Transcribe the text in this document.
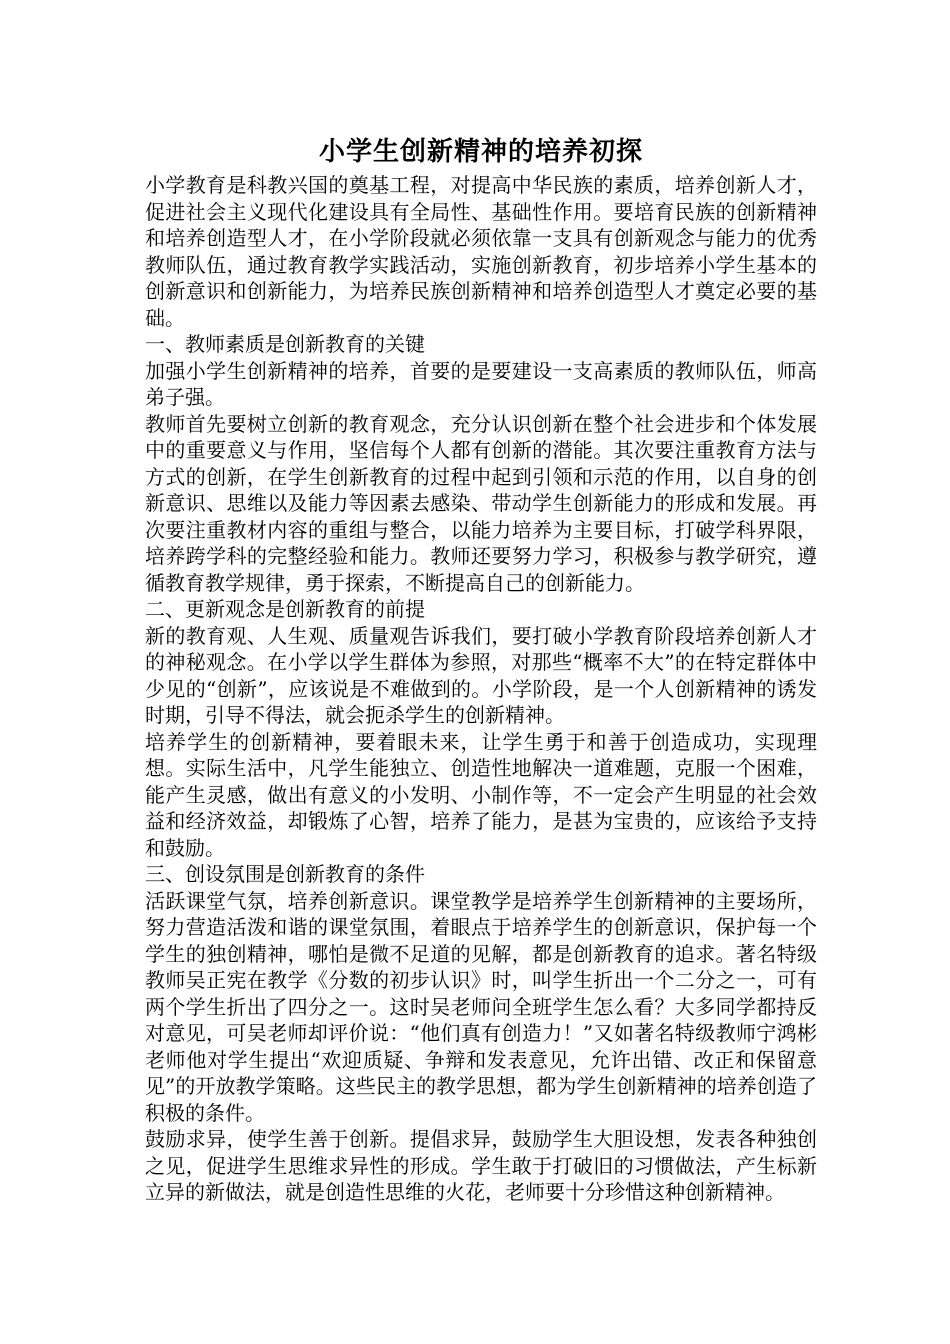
小学生创新精神的培养初探

小学教育是科教兴国的奠基工程，对提高中华民族的素质，培养创新人才，促进社会主义现代化建设具有全局性、基础性作用。要培育民族的创新精神和培养创造型人才，在小学阶段就必须依靠一支具有创新观念与能力的优秀教师队伍，通过教育教学实践活动，实施创新教育，初步培养小学生基本的创新意识和创新能力，为培养民族创新精神和培养创造型人才奠定必要的基础。

一、教师素质是创新教育的关键

加强小学生创新精神的培养，首要的是要建设一支高素质的教师队伍，师高弟子强。

教师首先要树立创新的教育观念，充分认识创新在整个社会进步和个体发展中的重要意义与作用，坚信每个人都有创新的潜能。其次要注重教育方法与方式的创新，在学生创新教育的过程中起到引领和示范的作用，以自身的创新意识、思维以及能力等因素去感染、带动学生创新能力的形成和发展。再次要注重教材内容的重组与整合，以能力培养为主要目标，打破学科界限，培养跨学科的完整经验和能力。教师还要努力学习，积极参与教学研究，遵循教育教学规律，勇于探索，不断提高自己的创新能力。

二、更新观念是创新教育的前提

新的教育观、人生观、质量观告诉我们，要打破小学教育阶段培养创新人才的神秘观念。在小学以学生群体为参照，对那些“概率不大”的在特定群体中少见的“创新”，应该说是不难做到的。小学阶段，是一个人创新精神的诱发时期，引导不得法，就会扼杀学生的创新精神。

培养学生的创新精神，要着眼未来，让学生勇于和善于创造成功，实现理想。实际生活中，凡学生能独立、创造性地解决一道难题，克服一个困难，能产生灵感，做出有意义的小发明、小制作等，不一定会产生明显的社会效益和经济效益，却锻炼了心智，培养了能力，是甚为宝贵的，应该给予支持和鼓励。

三、创设氛围是创新教育的条件

活跃课堂气氛，培养创新意识。课堂教学是培养学生创新精神的主要场所，努力营造活泼和谐的课堂氛围，着眼点于培养学生的创新意识，保护每一个学生的独创精神，哪怕是微不足道的见解，都是创新教育的追求。著名特级教师吴正宪在教学《分数的初步认识》时，叫学生折出一个二分之一，可有两个学生折出了四分之一。这时吴老师问全班学生怎么看？大多同学都持反对意见，可吴老师却评价说：“他们真有创造力！”又如著名特级教师宁鸿彬老师他对学生提出“欢迎质疑、争辩和发表意见，允许出错、改正和保留意见”的开放教学策略。这些民主的教学思想，都为学生创新精神的培养创造了积极的条件。

鼓励求异，使学生善于创新。提倡求异，鼓励学生大胆设想，发表各种独创之见，促进学生思维求异性的形成。学生敢于打破旧的习惯做法，产生标新立异的新做法，就是创造性思维的火花，老师要十分珍惜这种创新精神。
